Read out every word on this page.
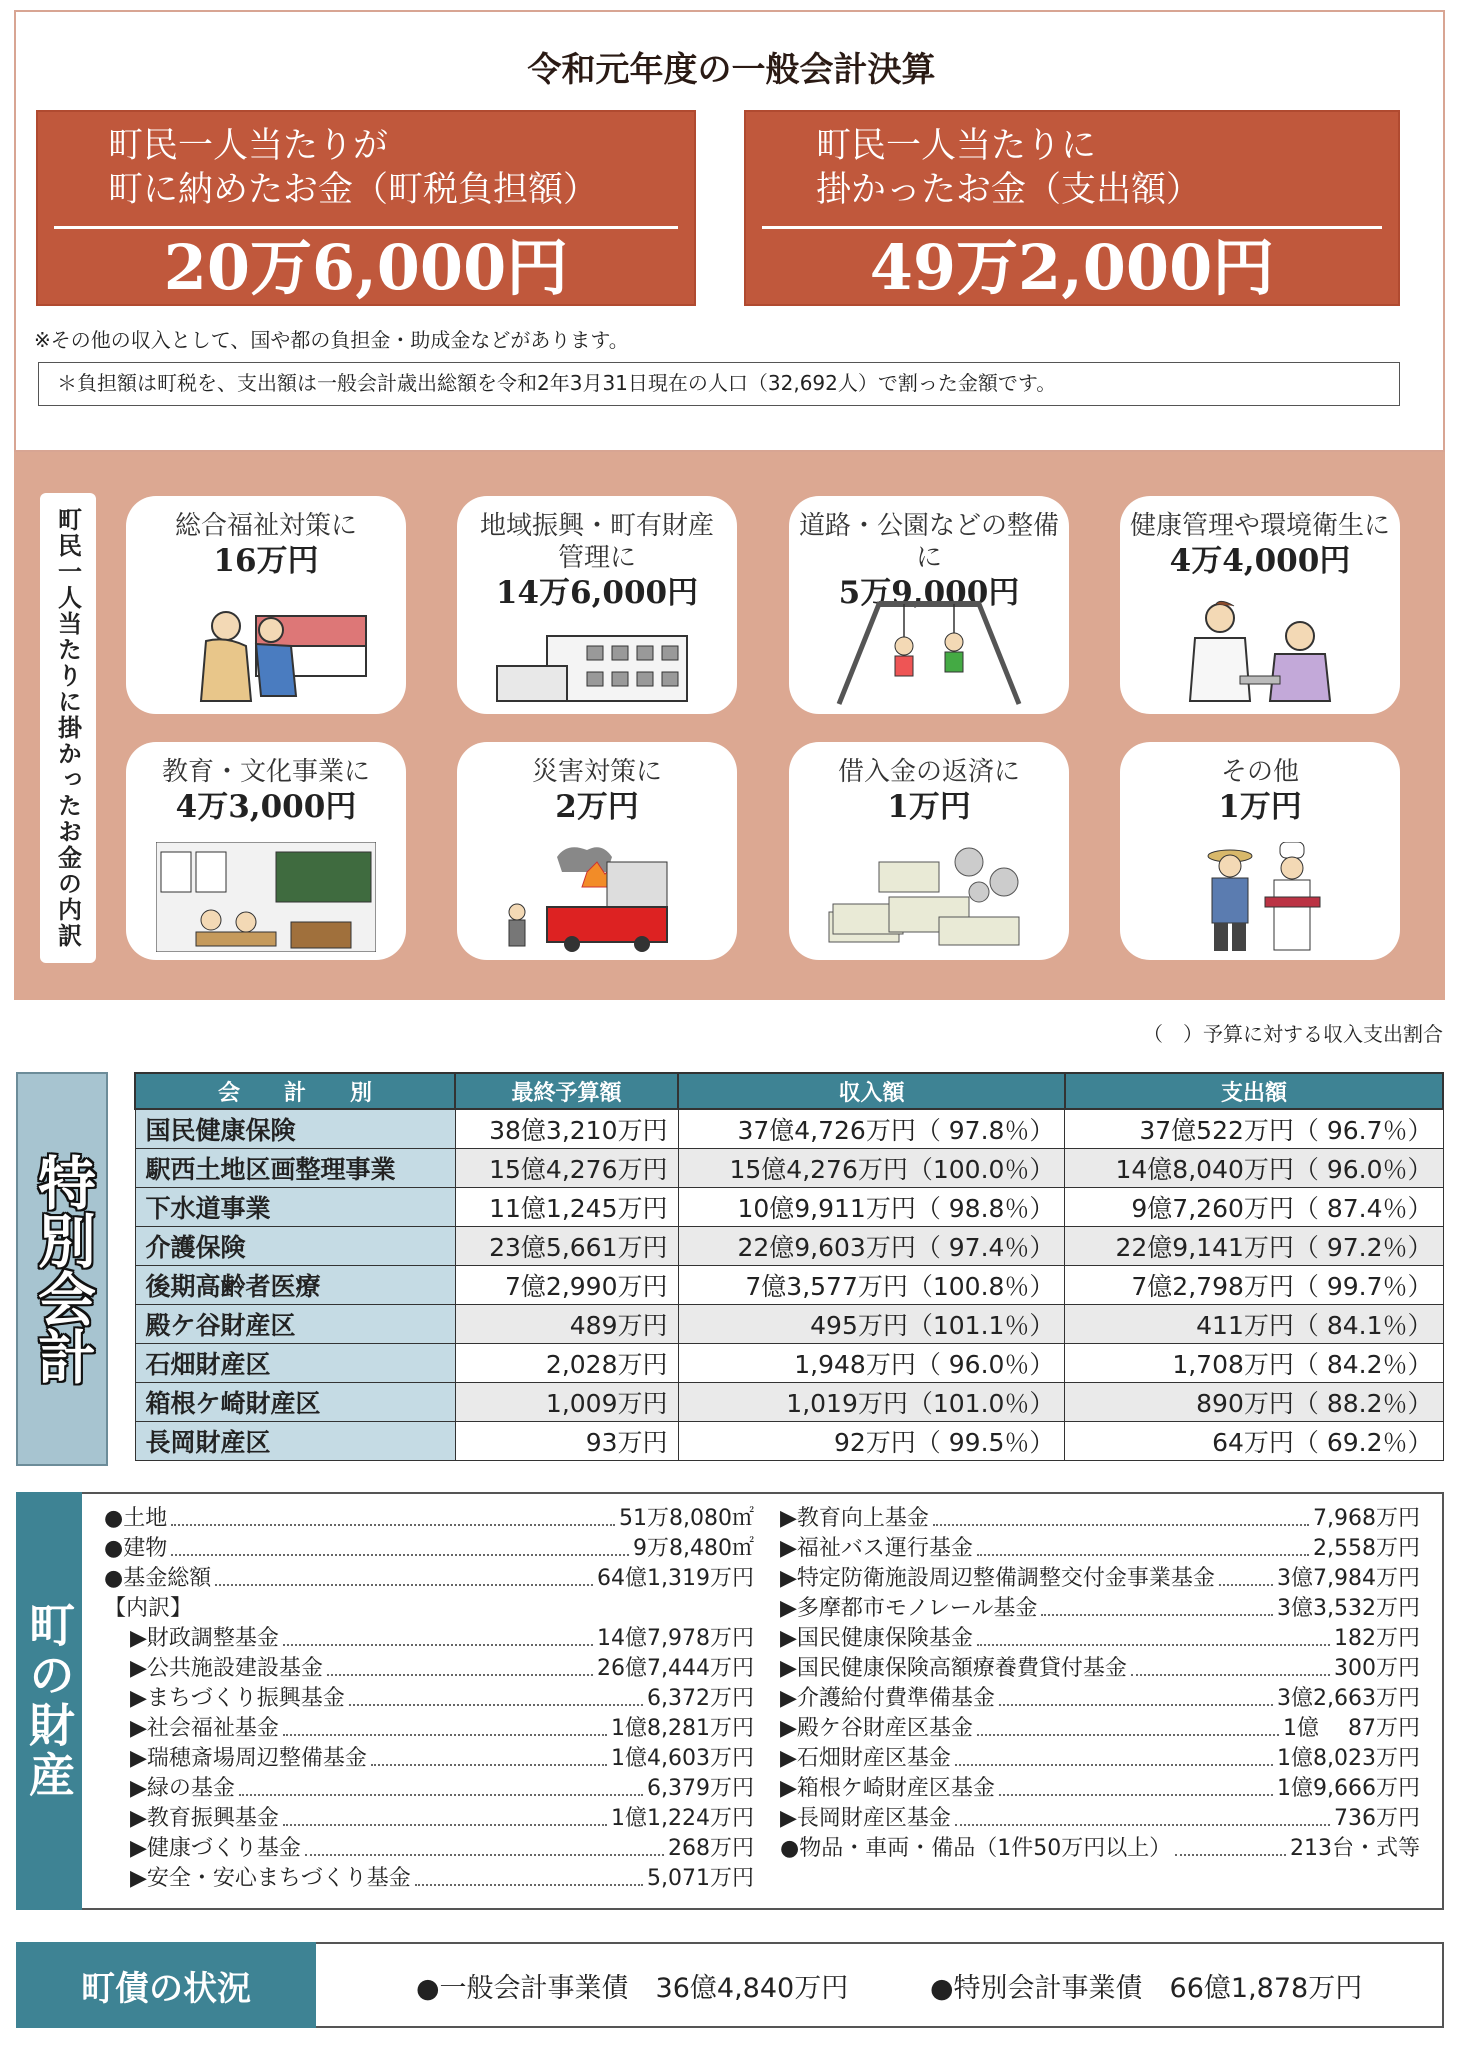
令和元年度の一般会計決算
町民一人当たりが
町に納めたお金（町税負担額）
20万6,000円
町民一人当たりに
掛かったお金（支出額）
49万2,000円
※その他の収入として、国や都の負担金・助成金などがあります。
＊負担額は町税を、支出額は一般会計歳出総額を令和2年3月31日現在の人口（32,692人）で割った金額です。
町民一人当たりに掛かったお金の内訳	総合福祉対策に
16万円
地域振興・町有財産管理に
14万6,000円
道路・公園などの整備に
5万9,000円
健康管理や環境衛生に
4万4,000円
教育・文化事業に
4万3,000円
災害対策に
2万円
借入金の返済に
1万円
その他
1万円
（　）予算に対する収入支出割合
特別会計
会　　計　　別	最終予算額	収入額	支出額
国民健康保険	38億3,210万円	37億4,726万円（ 97.8％）	37億522万円（ 96.7％）
駅西土地区画整理事業	15億4,276万円	15億4,276万円（100.0％）	14億8,040万円（ 96.0％）
下水道事業	11億1,245万円	10億9,911万円（ 98.8％）	9億7,260万円（ 87.4％）
介護保険	23億5,661万円	22億9,603万円（ 97.4％）	22億9,141万円（ 97.2％）
後期高齢者医療	7億2,990万円	7億3,577万円（100.8％）	7億2,798万円（ 99.7％）
殿ケ谷財産区	489万円	495万円（101.1％）	411万円（ 84.1％）
石畑財産区	2,028万円	1,948万円（ 96.0％）	1,708万円（ 84.2％）
箱根ケ崎財産区	1,009万円	1,019万円（101.0％）	890万円（ 88.2％）
長岡財産区	93万円	92万円（ 99.5％）	64万円（ 69.2％）
町の財産
●土地	51万8,080㎡
●建物	9万8,480㎡
●基金総額	64億1,319万円
【内訳】
▶財政調整基金	14億7,978万円
▶公共施設建設基金	26億7,444万円
▶まちづくり振興基金	6,372万円
▶社会福祉基金	1億8,281万円
▶瑞穂斎場周辺整備基金	1億4,603万円
▶緑の基金	6,379万円
▶教育振興基金	1億1,224万円
▶健康づくり基金	268万円
▶安全・安心まちづくり基金	5,071万円
▶教育向上基金	7,968万円
▶福祉バス運行基金	2,558万円
▶特定防衛施設周辺整備調整交付金事業基金	3億7,984万円
▶多摩都市モノレール基金	3億3,532万円
▶国民健康保険基金	182万円
▶国民健康保険高額療養費貸付基金	300万円
▶介護給付費準備基金	3億2,663万円
▶殿ケ谷財産区基金	1億　 87万円
▶石畑財産区基金	1億8,023万円
▶箱根ケ崎財産区基金	1億9,666万円
▶長岡財産区基金	736万円
●物品・車両・備品（1件50万円以上）	213台・式等
町債の状況	●一般会計事業債　36億4,840万円	●特別会計事業債　66億1,878万円
